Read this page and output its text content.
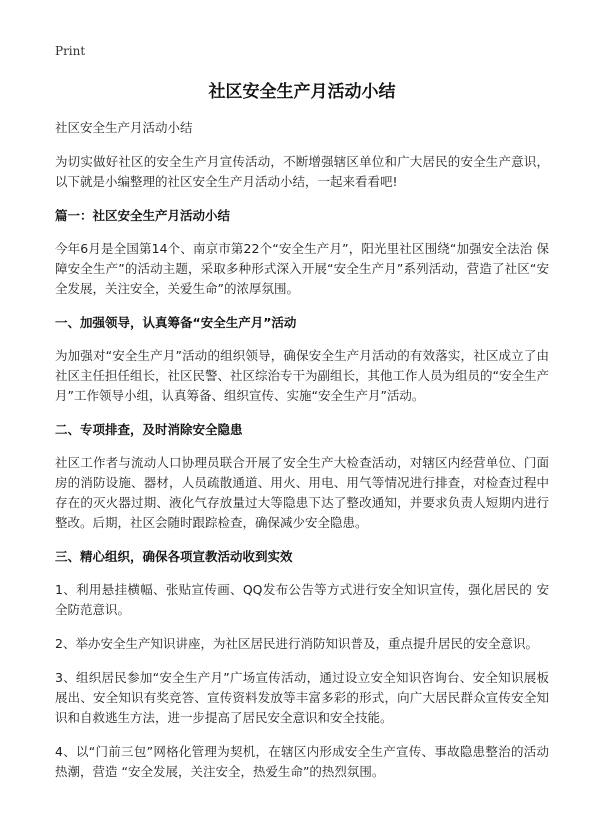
Print
社区安全生产月活动小结
社区安全生产月活动小结
为切实做好社区的安全生产月宣传活动，不断增强辖区单位和广大居民的安全生产意识，以下就是小编整理的社区安全生产月活动小结，一起来看看吧!
篇一：社区安全生产月活动小结
今年6月是全国第14个、南京市第22个“安全生产月”，阳光里社区围绕“加强安全法治 保障安全生产”的活动主题，采取多种形式深入开展“安全生产月”系列活动，营造了社区“安全发展，关注安全，关爱生命”的浓厚氛围。
一、加强领导，认真筹备“安全生产月”活动
为加强对“安全生产月”活动的组织领导，确保安全生产月活动的有效落实，社区成立了由社区主任担任组长，社区民警、社区综治专干为副组长，其他工作人员为组员的“安全生产月”工作领导小组，认真筹备、组织宣传、实施“安全生产月”活动。
二、专项排查，及时消除安全隐患
社区工作者与流动人口协理员联合开展了安全生产大检查活动，对辖区内经营单位、门面房的消防设施、器材，人员疏散通道、用火、用电、用气等情况进行排查，对检查过程中存在的灭火器过期、液化气存放量过大等隐患下达了整改通知，并要求负责人短期内进行整改。后期，社区会随时跟踪检查，确保减少安全隐患。
三、精心组织，确保各项宣教活动收到实效
1、利用悬挂横幅、张贴宣传画、QQ发布公告等方式进行安全知识宣传，强化居民的 安全防范意识。
2、举办安全生产知识讲座，为社区居民进行消防知识普及，重点提升居民的安全意识。
3、组织居民参加“安全生产月”广场宣传活动，通过设立安全知识咨询台、安全知识展板展出、安全知识有奖竞答、宣传资料发放等丰富多彩的形式，向广大居民群众宣传安全知识和自救逃生方法，进一步提高了居民安全意识和安全技能。
4、以“门前三包”网格化管理为契机，在辖区内形成安全生产宣传、事故隐患整治的活动热潮，营造 “安全发展，关注安全，热爱生命”的热烈氛围。
